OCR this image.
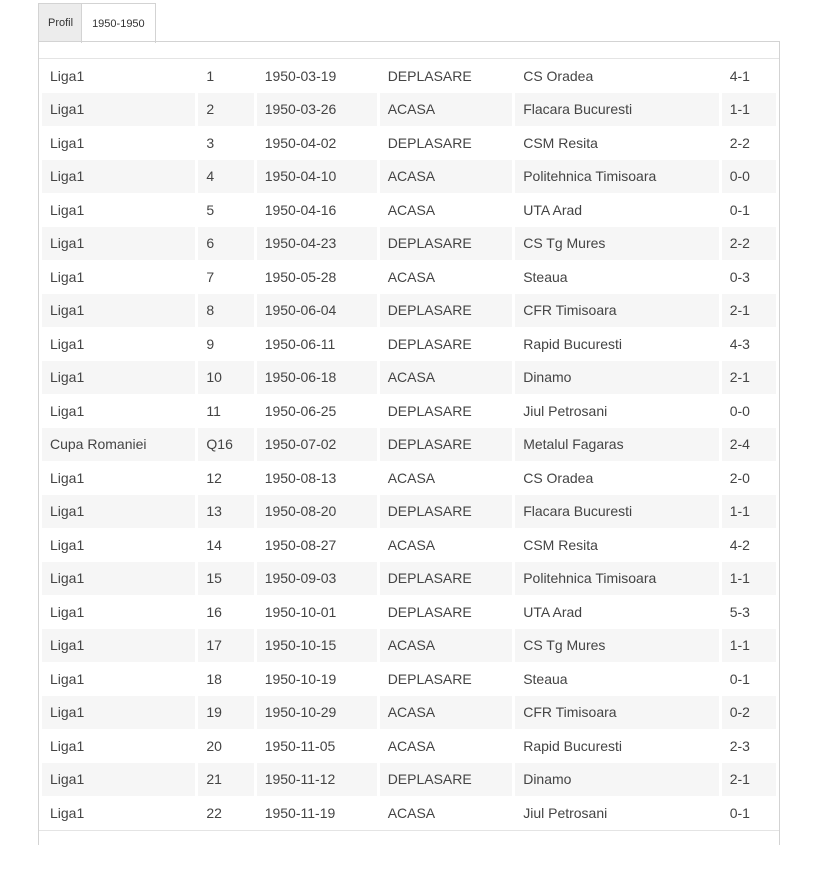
Profil	1950-1950
Liga1	1	1950-03-19	DEPLASARE	CS Oradea	4-1
Liga1	2	1950-03-26	ACASA	Flacara Bucuresti	1-1
Liga1	3	1950-04-02	DEPLASARE	CSM Resita	2-2
Liga1	4	1950-04-10	ACASA	Politehnica Timisoara	0-0
Liga1	5	1950-04-16	ACASA	UTA Arad	0-1
Liga1	6	1950-04-23	DEPLASARE	CS Tg Mures	2-2
Liga1	7	1950-05-28	ACASA	Steaua	0-3
Liga1	8	1950-06-04	DEPLASARE	CFR Timisoara	2-1
Liga1	9	1950-06-11	DEPLASARE	Rapid Bucuresti	4-3
Liga1	10	1950-06-18	ACASA	Dinamo	2-1
Liga1	11	1950-06-25	DEPLASARE	Jiul Petrosani	0-0
Cupa Romaniei	Q16	1950-07-02	DEPLASARE	Metalul Fagaras	2-4
Liga1	12	1950-08-13	ACASA	CS Oradea	2-0
Liga1	13	1950-08-20	DEPLASARE	Flacara Bucuresti	1-1
Liga1	14	1950-08-27	ACASA	CSM Resita	4-2
Liga1	15	1950-09-03	DEPLASARE	Politehnica Timisoara	1-1
Liga1	16	1950-10-01	DEPLASARE	UTA Arad	5-3
Liga1	17	1950-10-15	ACASA	CS Tg Mures	1-1
Liga1	18	1950-10-19	DEPLASARE	Steaua	0-1
Liga1	19	1950-10-29	ACASA	CFR Timisoara	0-2
Liga1	20	1950-11-05	ACASA	Rapid Bucuresti	2-3
Liga1	21	1950-11-12	DEPLASARE	Dinamo	2-1
Liga1	22	1950-11-19	ACASA	Jiul Petrosani	0-1
